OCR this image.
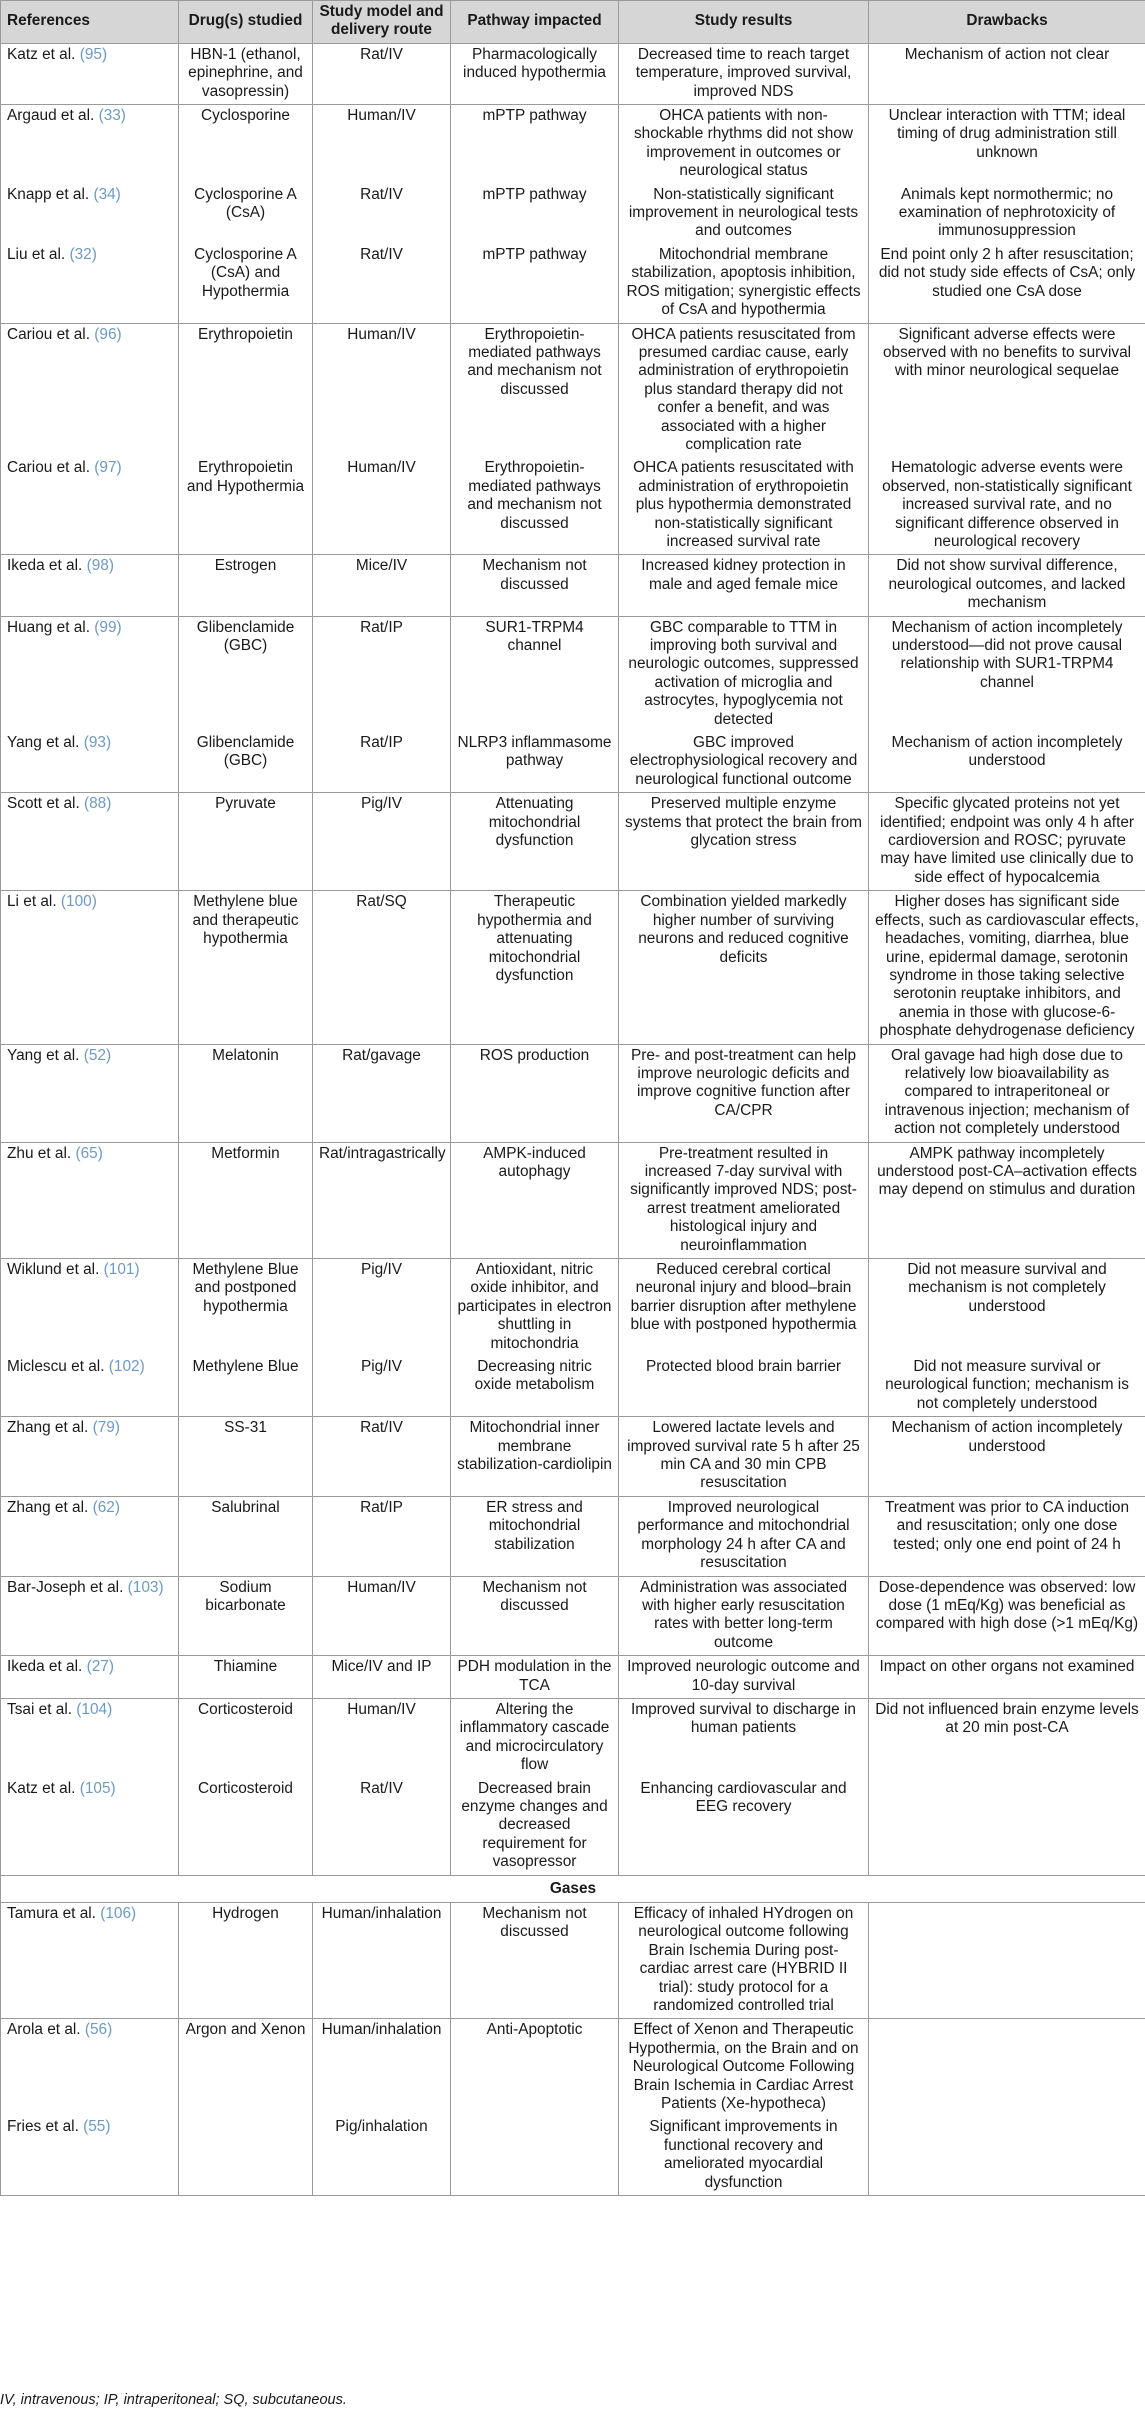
References	Drug(s) studied	Study model and delivery route	Pathway impacted	Study results	Drawbacks
Katz et al. (95)	HBN-1 (ethanol, epinephrine, and vasopressin)	Rat/IV	Pharmacologically induced hypothermia	Decreased time to reach target temperature, improved survival, improved NDS	Mechanism of action not clear
Argaud et al. (33)	Cyclosporine	Human/IV	mPTP pathway	OHCA patients with non-shockable rhythms did not show improvement in outcomes or neurological status	Unclear interaction with TTM; ideal timing of drug administration still unknown
Knapp et al. (34)	Cyclosporine A (CsA)	Rat/IV	mPTP pathway	Non-statistically significant improvement in neurological tests and outcomes	Animals kept normothermic; no examination of nephrotoxicity of immunosuppression
Liu et al. (32)	Cyclosporine A (CsA) and Hypothermia	Rat/IV	mPTP pathway	Mitochondrial membrane stabilization, apoptosis inhibition, ROS mitigation; synergistic effects of CsA and hypothermia	End point only 2 h after resuscitation; did not study side effects of CsA; only studied one CsA dose
Cariou et al. (96)	Erythropoietin	Human/IV	Erythropoietin-mediated pathways and mechanism not discussed	OHCA patients resuscitated from presumed cardiac cause, early administration of erythropoietin plus standard therapy did not confer a benefit, and was associated with a higher complication rate	Significant adverse effects were observed with no benefits to survival with minor neurological sequelae
Cariou et al. (97)	Erythropoietin and Hypothermia	Human/IV	Erythropoietin-mediated pathways and mechanism not discussed	OHCA patients resuscitated with administration of erythropoietin plus hypothermia demonstrated non-statistically significant increased survival rate	Hematologic adverse events were observed, non-statistically significant increased survival rate, and no significant difference observed in neurological recovery
Ikeda et al. (98)	Estrogen	Mice/IV	Mechanism not discussed	Increased kidney protection in male and aged female mice	Did not show survival difference, neurological outcomes, and lacked mechanism
Huang et al. (99)	Glibenclamide (GBC)	Rat/IP	SUR1-TRPM4 channel	GBC comparable to TTM in improving both survival and neurologic outcomes, suppressed activation of microglia and astrocytes, hypoglycemia not detected	Mechanism of action incompletely understood—did not prove causal relationship with SUR1-TRPM4 channel
Yang et al. (93)	Glibenclamide (GBC)	Rat/IP	NLRP3 inflammasome pathway	GBC improved electrophysiological recovery and neurological functional outcome	Mechanism of action incompletely understood
Scott et al. (88)	Pyruvate	Pig/IV	Attenuating mitochondrial dysfunction	Preserved multiple enzyme systems that protect the brain from glycation stress	Specific glycated proteins not yet identified; endpoint was only 4 h after cardioversion and ROSC; pyruvate may have limited use clinically due to side effect of hypocalcemia
Li et al. (100)	Methylene blue and therapeutic hypothermia	Rat/SQ	Therapeutic hypothermia and attenuating mitochondrial dysfunction	Combination yielded markedly higher number of surviving neurons and reduced cognitive deficits	Higher doses has significant side effects, such as cardiovascular effects, headaches, vomiting, diarrhea, blue urine, epidermal damage, serotonin syndrome in those taking selective serotonin reuptake inhibitors, and anemia in those with glucose-6-phosphate dehydrogenase deficiency
Yang et al. (52)	Melatonin	Rat/gavage	ROS production	Pre- and post-treatment can help improve neurologic deficits and improve cognitive function after CA/CPR	Oral gavage had high dose due to relatively low bioavailability as compared to intraperitoneal or intravenous injection; mechanism of action not completely understood
Zhu et al. (65)	Metformin	Rat/intragastrically	AMPK-induced autophagy	Pre-treatment resulted in increased 7-day survival with significantly improved NDS; post-arrest treatment ameliorated histological injury and neuroinflammation	AMPK pathway incompletely understood post-CA–activation effects may depend on stimulus and duration
Wiklund et al. (101)	Methylene Blue and postponed hypothermia	Pig/IV	Antioxidant, nitric oxide inhibitor, and participates in electron shuttling in mitochondria	Reduced cerebral cortical neuronal injury and blood–brain barrier disruption after methylene blue with postponed hypothermia	Did not measure survival and mechanism is not completely understood
Miclescu et al. (102)	Methylene Blue	Pig/IV	Decreasing nitric oxide metabolism	Protected blood brain barrier	Did not measure survival or neurological function; mechanism is not completely understood
Zhang et al. (79)	SS-31	Rat/IV	Mitochondrial inner membrane stabilization-cardiolipin	Lowered lactate levels and improved survival rate 5 h after 25 min CA and 30 min CPB resuscitation	Mechanism of action incompletely understood
Zhang et al. (62)	Salubrinal	Rat/IP	ER stress and mitochondrial stabilization	Improved neurological performance and mitochondrial morphology 24 h after CA and resuscitation	Treatment was prior to CA induction and resuscitation; only one dose tested; only one end point of 24 h
Bar-Joseph et al. (103)	Sodium bicarbonate	Human/IV	Mechanism not discussed	Administration was associated with higher early resuscitation rates with better long-term outcome	Dose-dependence was observed: low dose (1 mEq/Kg) was beneficial as compared with high dose (>1 mEq/Kg)
Ikeda et al. (27)	Thiamine	Mice/IV and IP	PDH modulation in the TCA	Improved neurologic outcome and 10-day survival	Impact on other organs not examined
Tsai et al. (104)	Corticosteroid	Human/IV	Altering the inflammatory cascade and microcirculatory flow	Improved survival to discharge in human patients	Did not influenced brain enzyme levels at 20 min post-CA
Katz et al. (105)	Corticosteroid	Rat/IV	Decreased brain enzyme changes and decreased requirement for vasopressor	Enhancing cardiovascular and EEG recovery	
Gases					
Tamura et al. (106)	Hydrogen	Human/inhalation	Mechanism not discussed	Efficacy of inhaled HYdrogen on neurological outcome following Brain Ischemia During post-cardiac arrest care (HYBRID II trial): study protocol for a randomized controlled trial	
Arola et al. (56)	Argon and Xenon	Human/inhalation	Anti-Apoptotic	Effect of Xenon and Therapeutic Hypothermia, on the Brain and on Neurological Outcome Following Brain Ischemia in Cardiac Arrest Patients (Xe-hypotheca)	
Fries et al. (55)		Pig/inhalation		Significant improvements in functional recovery and ameliorated myocardial dysfunction	
IV, intravenous; IP, intraperitoneal; SQ, subcutaneous.
